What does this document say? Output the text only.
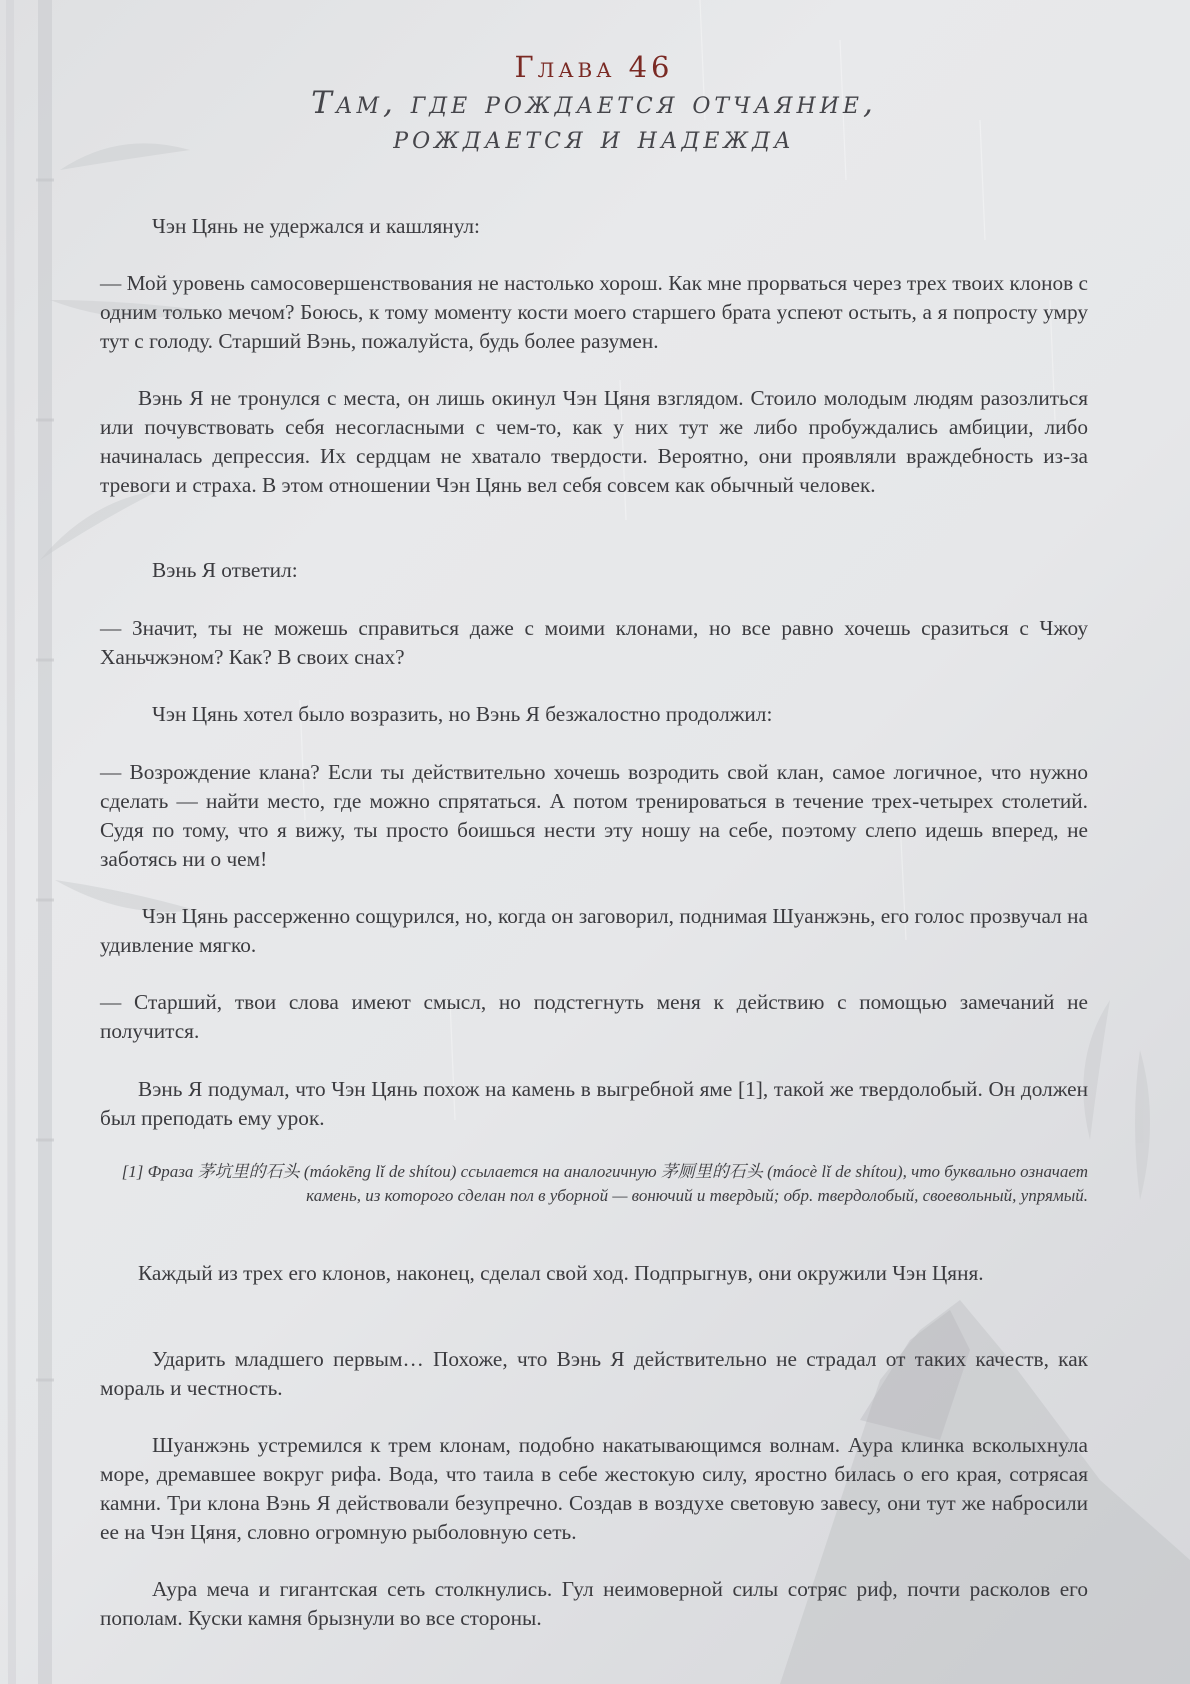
Глава 46
Там, где рождается отчаяние,
рождается и надежда

Чэн Цянь не удержался и кашлянул:

— Мой уровень самосовершенствования не настолько хорош. Как мне прорваться через трех твоих клонов с одним только мечом? Боюсь, к тому моменту кости моего старшего брата успеют остыть, а я попросту умру тут с голоду. Старший Вэнь, пожалуйста, будь более разумен.

Вэнь Я не тронулся с места, он лишь окинул Чэн Цяня взглядом. Стоило молодым людям разозлиться или почувствовать себя несогласными с чем-то, как у них тут же либо пробуждались амбиции, либо начиналась депрессия. Их сердцам не хватало твердости. Вероятно, они проявляли враждебность из-за тревоги и страха. В этом отношении Чэн Цянь вел себя совсем как обычный человек.

Вэнь Я ответил:

— Значит, ты не можешь справиться даже с моими клонами, но все равно хочешь сразиться с Чжоу Ханьчжэном? Как? В своих снах?

Чэн Цянь хотел было возразить, но Вэнь Я безжалостно продолжил:

— Возрождение клана? Если ты действительно хочешь возродить свой клан, самое логичное, что нужно сделать — найти место, где можно спрятаться. А потом тренироваться в течение трех-четырех столетий. Судя по тому, что я вижу, ты просто боишься нести эту ношу на себе, поэтому слепо идешь вперед, не заботясь ни о чем!

Чэн Цянь рассерженно сощурился, но, когда он заговорил, поднимая Шуанжэнь, его голос прозвучал на удивление мягко.

— Старший, твои слова имеют смысл, но подстегнуть меня к действию с помощью замечаний не получится.

Вэнь Я подумал, что Чэн Цянь похож на камень в выгребной яме [1], такой же твердолобый. Он должен был преподать ему урок.

[1] Фраза 茅坑里的石头 (máokēng lǐ de shítou) ссылается на аналогичную 茅厕里的石头 (máocè lǐ de shítou), что буквально означает камень, из которого сделан пол в уборной — вонючий и твердый; обр. твердолобый, своевольный, упрямый.

Каждый из трех его клонов, наконец, сделал свой ход. Подпрыгнув, они окружили Чэн Цяня.

Ударить младшего первым… Похоже, что Вэнь Я действительно не страдал от таких качеств, как мораль и честность.

Шуанжэнь устремился к трем клонам, подобно накатывающимся волнам. Аура клинка всколыхнула море, дремавшее вокруг рифа. Вода, что таила в себе жестокую силу, яростно билась о его края, сотрясая камни. Три клона Вэнь Я действовали безупречно. Создав в воздухе световую завесу, они тут же набросили ее на Чэн Цяня, словно огромную рыболовную сеть.

Аура меча и гигантская сеть столкнулись. Гул неимоверной силы сотряс риф, почти расколов его пополам. Куски камня брызнули во все стороны.
